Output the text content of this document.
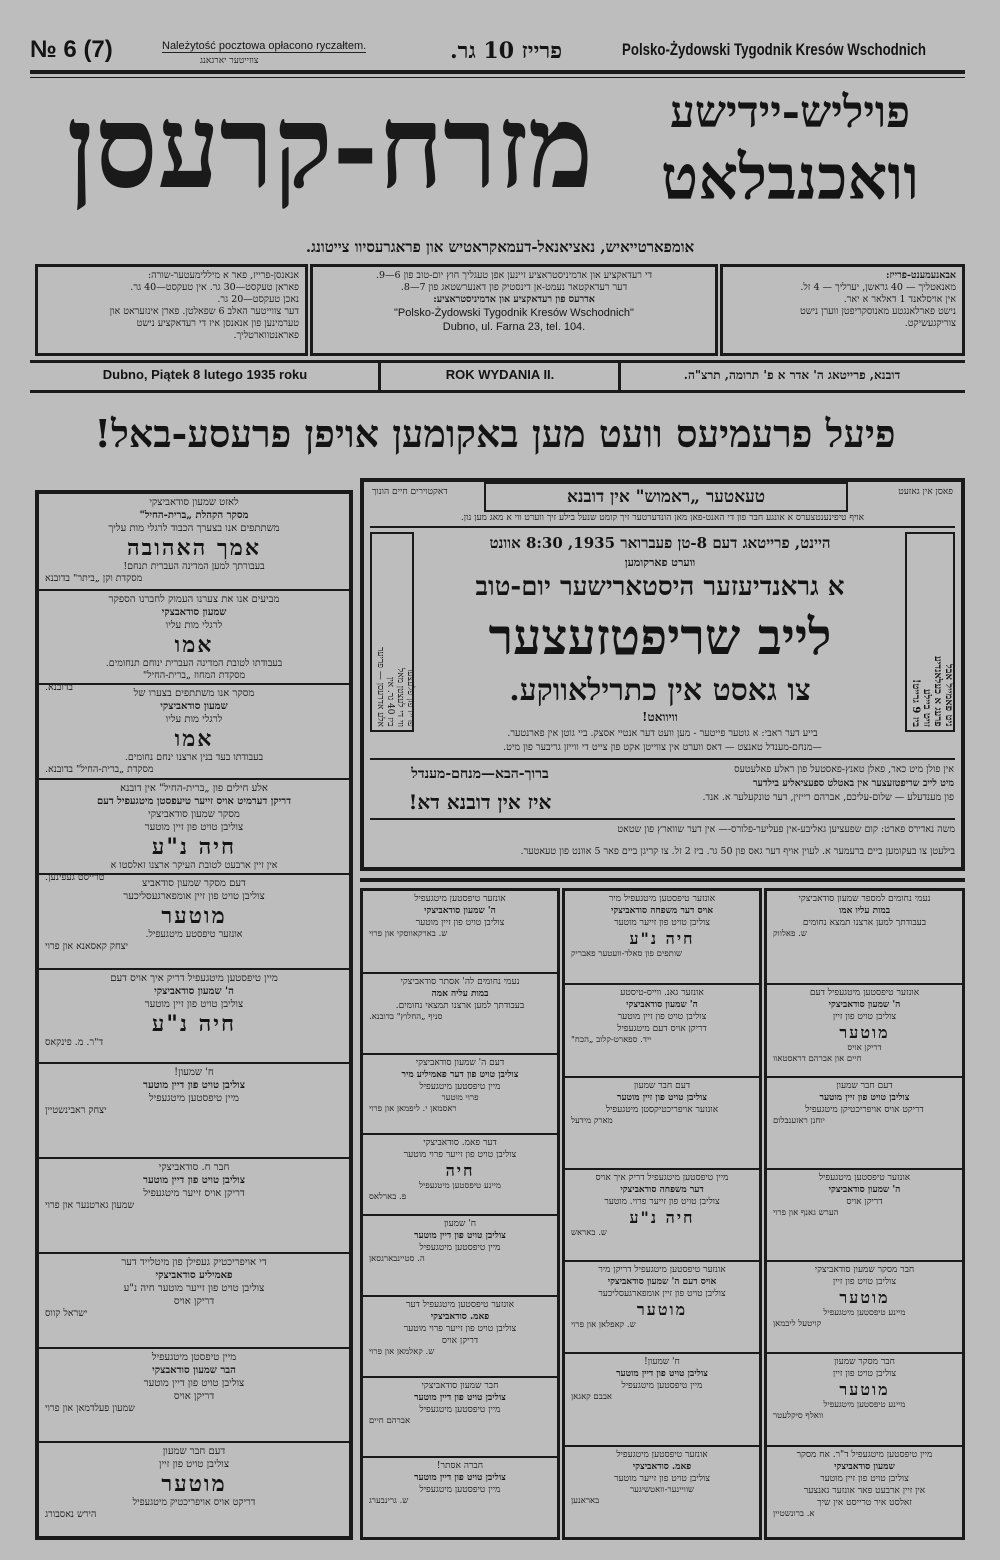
№ 6 (7)	Należytość pocztowa opłacono ryczałtem.
צוזייטער יארגאנג	פרייז 10 גר.	Polsko-Żydowski Tygodnik Kresów Wschodnich
מזרח-קרעסן	פויליש-יידישע
וואכנבלאט
אומפארטייאיש, נאציאנאל-דעמאקראטיש און פראגרעסיוו צייטונג.
אבאנעמענט-פרייז:
מאנאטליך — 40 גראשן, יערליך — 4 זל.
אין אויסלאנד 1 דאלאר א יאר.
נישט פארלאנגטע מאנוסקריפטן ווערן נישט
צוריקגעשיקט.
די רעדאקציע און אדמיניסטראציע זיינען אפן טעגליך חוץ יום-טוב פון 6—9.
דער רעדאקטאר נעמט-אן דינסטיק פון דאנערשטאג פון 7—8.
אדרעס פון רעדאקציע און אדמיניסטראציע:
"Polsko-Żydowski Tygodnik Kresów Wschodnich"
Dubno, ul. Farna 23, tel. 104.
אנאנסן-פרייז, פאר א מיללימעטער-שורה:
פאראן טעקסט—30 גר. אין טעקסט—40 גר.
נאכן טעקסט—20 גר.
דער צווייטער האלב 6 שפאלטן. פארן אינזעראט און
טערמינען פון אנאנסן איז די רעדאקציע נישט
פאראנטווארטליך.
Dubno, Piątek 8 lutego 1935 roku	ROK WYDANIA II.	דובנא, פרייטאג ה' אדר א פ' תרומה, תרצ"ה.
פיעל פרעמיעס וועט מען באקומען אויפן פרעסע-באל!
לאזט שמעון סודאביצקי
מסקר הקהלת „ברית-החיל"
משתתפים אנו בצערך הכבוד לרגלי מות עליך
אמך האהובה
בעבורתך למען המדינה העברית תנחם!
מסקדת וקן „ביתר" בדובנא
מביעים אנו את צערנו העמוק לחברנו הספקר
שמעון סודאבצקי
לרגלי מות עליו
אמו
בעבודתו לטובת המדינה העברית ינוחם תנחומים.
מסקדת המחוז „ברית-החיל"
בדובנא.
מסקר אנו משתתפים בצערו של
שמעון סודאביצקי
לרגלי מות עליו
אמו
בעבודתו בעד בנין ארצנו ינחם נחומים.
מסקדת „ברית-החיל" בדובנא.
אלע חילים פון „ברית-החיל" אין דובנא
דריקן דערמיט אויס זייער טיעפסטן מיטגעפיל דעם
מסקר שמעון סודאביצקי
צוליבן טויט פון זיין מוטער
חיה נ"ע
אין זיין ארבעט לטובת העיקר ארצנו זאלסטו א
טרייסט געפינען.
דעם מסקר שמעון סודאביצ
צוליבן טויט פון זיין אומפארגעסליכער
מוטער
אונזער טיפסטע מיטגעפיל.
יצחק קאסאנא און פרוי
מיין טיפסטען מיטגעפיל דריק איך אויס דעם
ה' שמעון סודאביצקי
צוליבן טויט פון זיין מוטער
חיה נ"ע
ד"ר. מ. פינקאס
ח' שמעון!
צוליבן טויט פון דיין מוטער
מיין טיפסטען מיטגעפיל
יצחק ראבינשטיין
חבר ח. סודאביצקי
צוליבן טויט פון דיין מוטער
דריקן אויס זייער מיטגעפיל
שמעון גארטנער און פרוי
די אויפריכטיק געפילן פון מיטלייד דער
פאמיליע סודאביצקי
צוליבן טויט פון זייער מוטער חיה נ"ע
דריקן אויס
ישראל קווס
מיין טיפסטן מיטגעפיל
הבר שמעון סודאבצקי
צוליבן טויט פון דיין מוטער
דריקן אויס
שמעון פעלדמאן און פרוי
דעם חבר שמעון
צוליבן טויט פון זיין
מוטער
דריקט אויס אויפריכטיק מיטגעפיל
הירש נאסבורג
דאקטוירים חיים הונוך	פאסן אין גאזעט
טעאטער „ראמוש" אין דובנא
אויף טיפינענטצערס א אונגע חבר פון די האנט-פאן מאן הונדערטער זיך קומט שנעל בילע זיך ווערט ווי א מאג מען נון.
פרייז פון פלעצער
ווי די לעצטן מאל
ביז 40 גר. אין
אלע אדרעסן — פריער	ניט פאמייל אבל
פרעג א כעלאנדיע
זויט ביילע
ביז 9 גרייט!
היינט, פרייטאג דעם 8-טן פעברואר 1935, 8:30 אוונט
ווערט פארקומען
א גראנדיעזער היסטארישער יום-טוב
לייב שריפטזעצער
צו גאסט אין כתרילאווקע.
וויוואט!
בייע דער ראבי: א גוטער פייטער - מען וועט דער אנטיי אסצק. ביי גוטן אין פארנטער.
—מנחם-מענדל טאנצט — דאס ווערט אין צווייטן אקט פון צייט די ווייזן גריבער פון מיט.
אין פולן מיט כאר, פאלן טאנץ-פאסטעל פון ראלע פאלעטעס
מיט לייב שריפטזעצער אין באטלט ספעציאליע בילדער
פון מענדעלע — שלום-עליכם, אברהם רייזין, דער טונקעלער א. אנד.
ברוך-הבא—מנחם-מענדל
איז אין דובנא דא!
משה נאדירס פארט: קום שפעציען גאליבע-אין פעליער-פלורס-— אין דער שווארץ פון שטאט
בילעטן צו בעקומען ביים ברעמער א. לעוין אויף דער גאס פון 50 גר. ביז 2 זל. צו קריגן ביים פאר 5 אוונט פון טעאטער.
נעמי נחומים למספר שמעון סודאביצקי
במות עליו אמו
בעבודתך למען ארצנו תמצא נחומים
ש. פאלווק
אונזער טיפסטען מיטגעפיל דעם
ה' שמעון סודאביצקי
צוליבן טויט פון זיין
מוטער
דריקן אויס
חיים און אברהם דראסטאוו
דעם חבר שמעון
צוליבן טויט פון זיין מוטער
דריקט אויס אויפריכטיקן מיטגעפיל
יוחנן ראזענבלום
אונזער טיפסטען מיטגעפיל
ה' שמעון סודאביצקי
דריקן אויס
הערש גאנף און פרוי
חבר מסקר שמעון סודאביצקי
צוליבן טויט פון זיין
מוטער
מיינע טיפסטען מיטגעפיל
קויטעל ליבמאן
חבר מסקר שמעון
צוליבן טויט פון זיין
מוטער
מיינע טיפסטען מיטגעפיל
וואלף סיקלעטר
מיין טיפסטען מיטגעפיל ד"ר. אח מסקר
שמעון סודאביצקי
צוליבן טויט פון זיין מוטער
אין זיין ארבעט פאר אונזער גאנצער
זאלסט איר טרייסט אין שיך
א. ברונשטיין
אונזער טיפסטען מיטגעפיל מיר
אויס דער משפחה סודאביצקי
צוליבן טויט פון זייער מוטער
חיה נ"ע
שותפים פון סאלד-וועטער פאבריק
אונזער גאנ. ווייס-טיסטע
ה' שמעון סודאביצקי
צוליבן טויט פון זיין מוטער
דריקן אויס דעם מיטגעפיל
ייד. ספארט-קלוב „הכח"
דעם חבר שמעון
צוליבן טויט פון זיין מוטער
אונזער אויפריכטיקסטן מיטגעפיל
מארק מידעל
מיין טיפסטען מיטגעפיל דריק איך אויס
דער משפחה סודאביצקי
צוליבן טויט פון זייער פרוי. מוטער
חיה נ"ע
ש. באראש
אונזער טיפסטען מיטגעפיל דריקן מיר
אויס דעם ה' שמעון סודאביצקי
צוליבן טויט פון זיין אומפארגעסליכער
מוטער
ש. קאפלאן און פרוי
ח' שמעון!
צוליבן טויט פון דיין מוטער
מיין טיפסטען מיטגעפיל
אבבם קאגאן
אונזער טיפסטען מיטגעפיל
פאמ. סודאביצקי
צוליבן טויט פון זייער מוטער
שוויינער-וואטשיגער
באראנען
אונזער טיפסטען מיטגעפיל
ה' שמעון סודאביצקי
צוליבן טויט פון זיין מוטער
ש. בארקאווסקי און פרוי
נעמי נחומים לה' אסתר סודאביצקי
במות עליה אמה
בעבודתך למען ארצנו תמצאי נחומים.
סניף „החלוץ" בדובנא.
דעם ה' שמעון סודאביצקי
צוליבן טויט פון דער פאמיליע מיר
מיין טיפסטען מיטגעפיל
פרוי מוטער
ראסמאן י. ליפמאן און פרוי
דער פאמ. סודאביצקי
צוליבן טויט פון זייער פרוי מוטער
חיה
מיינע טיפסטען מיטגעפיל
פ. בארלאס
ח' שמעון
צוליבן טויט פון דיין מוטער
מיין טיפסטען מיטגעפיל
ה. סטיינבארגסאן
אונזער טיפסטען מיטגעפיל דער
פאמ. סודאביצקי
צוליבן טויט פון זייער פרוי מוטער
דריקן אויס
ש. קאלמאן און פרוי
חבר שמעון סודאביצקי
צוליבן טויט פון דיין מוטער
מיין טיפסטען מיטגעפיל
אברהם חיים
חברה אסתר!
צוליבן טויט פון דיין מוטער
מיין טיפסטען מיטגעפיל
ש. גרינבערג
